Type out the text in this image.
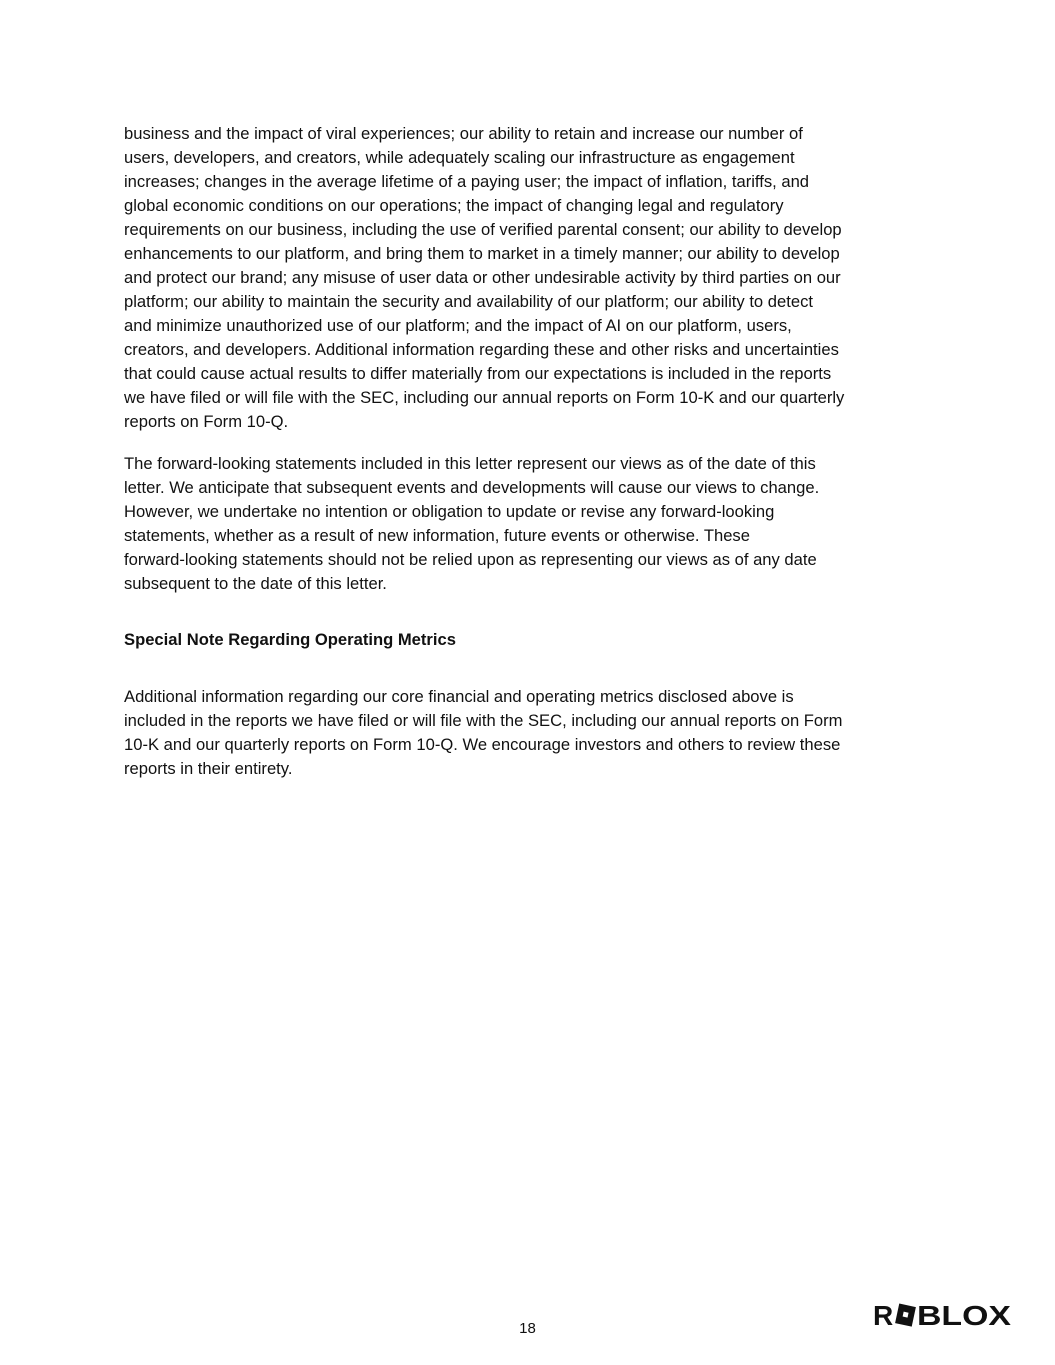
business and the impact of viral experiences; our ability to retain and increase our number of
users, developers, and creators, while adequately scaling our infrastructure as engagement
increases; changes in the average lifetime of a paying user; the impact of inflation, tariffs, and
global economic conditions on our operations; the impact of changing legal and regulatory
requirements on our business, including the use of verified parental consent; our ability to develop
enhancements to our platform, and bring them to market in a timely manner; our ability to develop
and protect our brand; any misuse of user data or other undesirable activity by third parties on our
platform; our ability to maintain the security and availability of our platform; our ability to detect
and minimize unauthorized use of our platform; and the impact of AI on our platform, users,
creators, and developers. Additional information regarding these and other risks and uncertainties
that could cause actual results to differ materially from our expectations is included in the reports
we have filed or will file with the SEC, including our annual reports on Form 10-K and our quarterly
reports on Form 10-Q.
The forward-looking statements included in this letter represent our views as of the date of this
letter. We anticipate that subsequent events and developments will cause our views to change.
However, we undertake no intention or obligation to update or revise any forward-looking
statements, whether as a result of new information, future events or otherwise. These
forward-looking statements should not be relied upon as representing our views as of any date
subsequent to the date of this letter.
Special Note Regarding Operating Metrics
Additional information regarding our core financial and operating metrics disclosed above is
included in the reports we have filed or will file with the SEC, including our annual reports on Form
10-K and our quarterly reports on Form 10-Q. We encourage investors and others to review these
reports in their entirety.
18	R BLOX
